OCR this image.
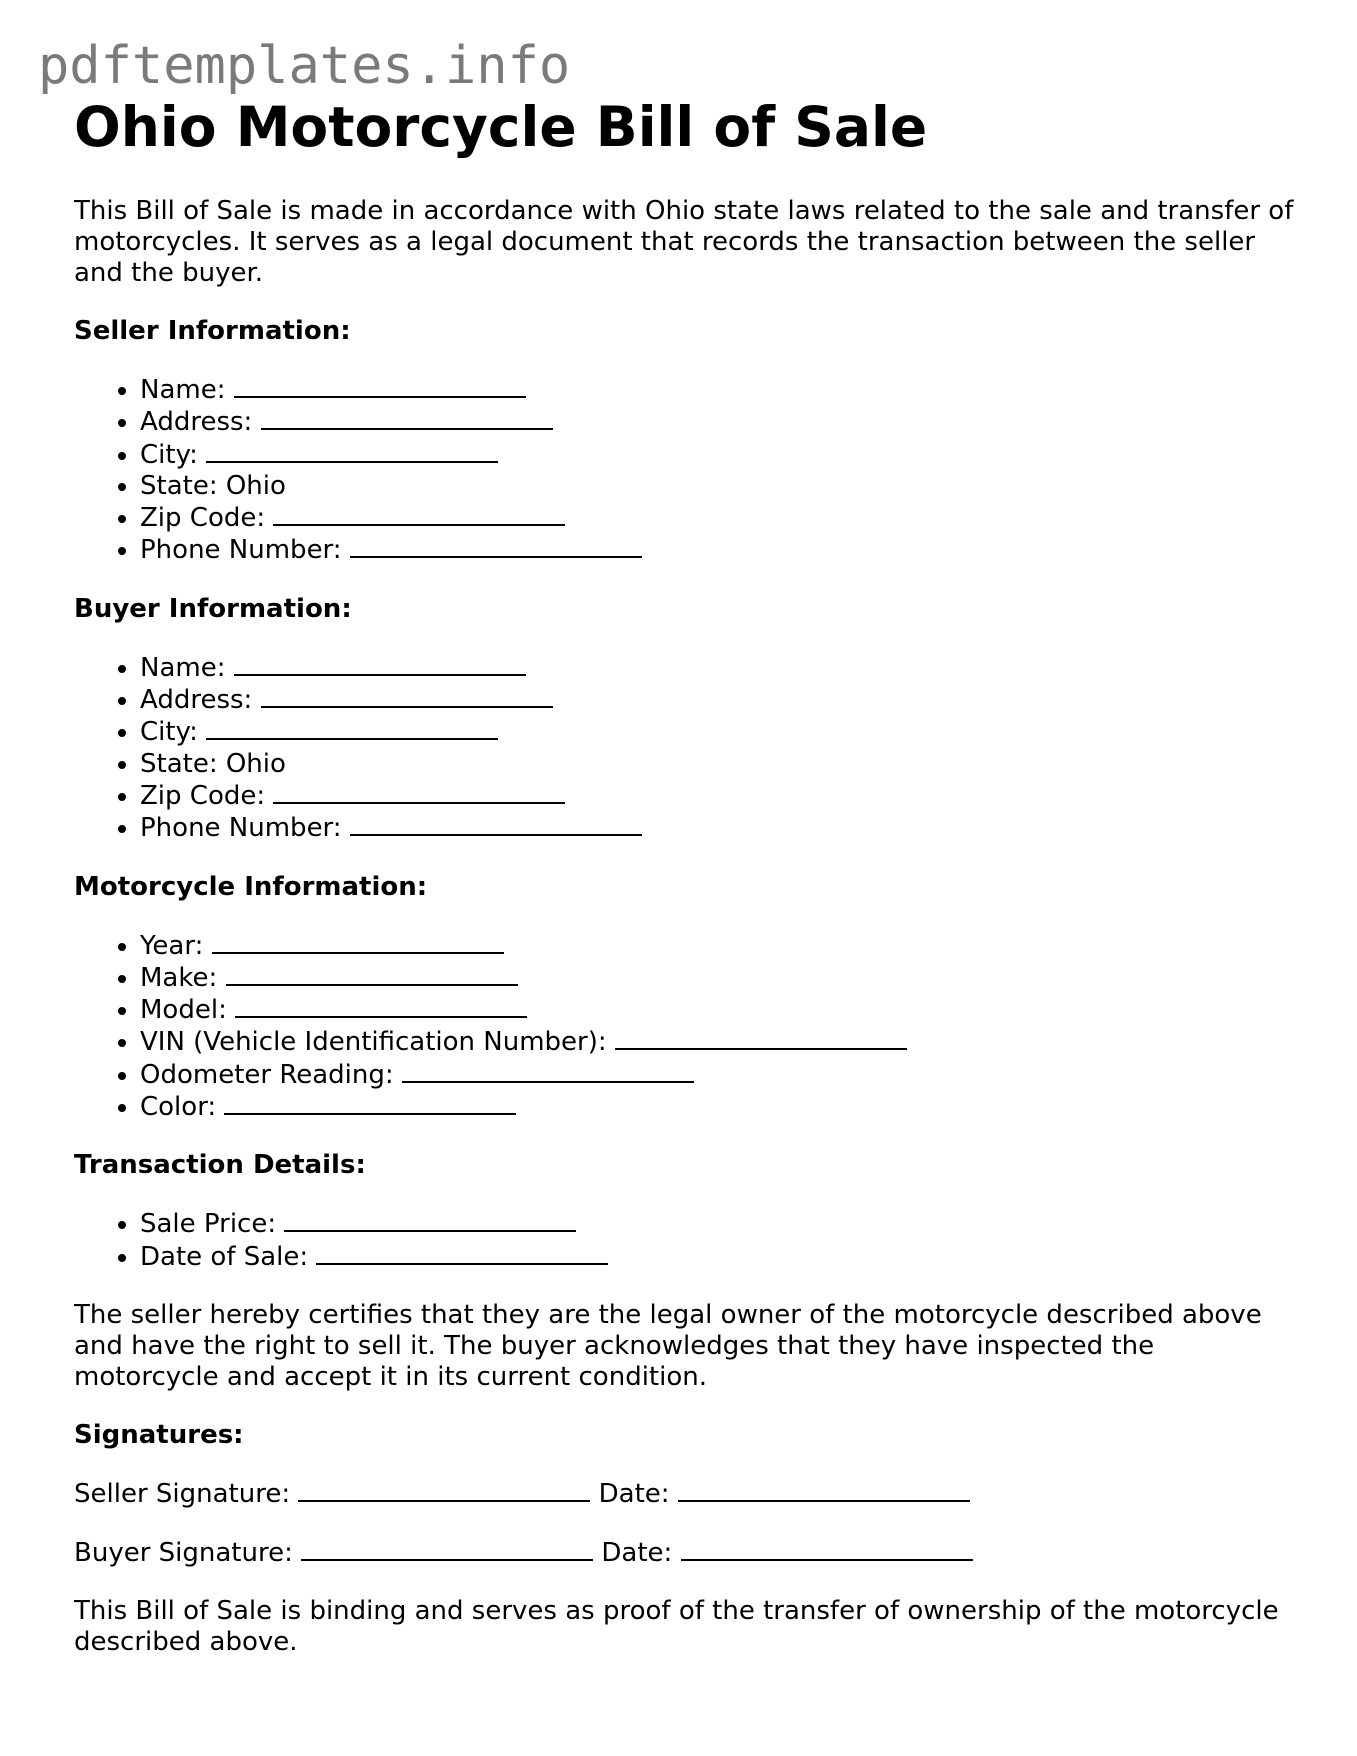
pdftemplates.info
Ohio Motorcycle Bill of Sale

This Bill of Sale is made in accordance with Ohio state laws related to the sale and transfer of motorcycles. It serves as a legal document that records the transaction between the seller and the buyer.

Seller Information:
• Name:
• Address:
• City:
• State: Ohio
• Zip Code:
• Phone Number:
Buyer Information:
• Name:
• Address:
• City:
• State: Ohio
• Zip Code:
• Phone Number:
Motorcycle Information:
• Year:
• Make:
• Model:
• VIN (Vehicle Identification Number):
• Odometer Reading:
• Color:
Transaction Details:
• Sale Price:
• Date of Sale:

The seller hereby certifies that they are the legal owner of the motorcycle described above and have the right to sell it. The buyer acknowledges that they have inspected the motorcycle and accept it in its current condition.

Signatures:
Seller Signature:	Date:
Buyer Signature:	Date:

This Bill of Sale is binding and serves as proof of the transfer of ownership of the motorcycle described above.
